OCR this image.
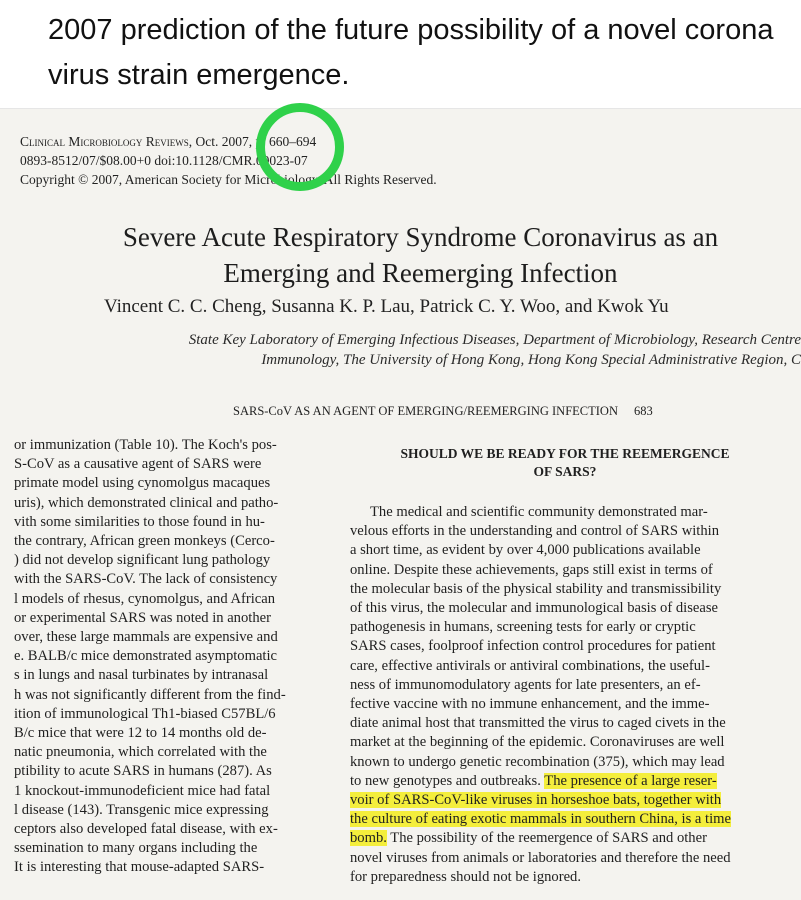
2007 prediction of the future possibility of a novel corona virus strain emergence.
Clinical Microbiology Reviews, Oct. 2007, p. 660–694
0893-8512/07/$08.00+0 doi:10.1128/CMR.00023-07
Copyright © 2007, American Society for Microbiology. All Rights Reserved.
Severe Acute Respiratory Syndrome Coronavirus as an
Emerging and Reemerging Infection
Vincent C. C. Cheng, Susanna K. P. Lau, Patrick C. Y. Woo, and Kwok Yu
State Key Laboratory of Emerging Infectious Diseases, Department of Microbiology, Research Centre
Immunology, The University of Hong Kong, Hong Kong Special Administrative Region, C
SARS-CoV AS AN AGENT OF EMERGING/REEMERGING INFECTION 683
or immunization (Table 10). The Koch's pos-
S-CoV as a causative agent of SARS were
primate model using cynomolgus macaques
uris), which demonstrated clinical and patho-
vith some similarities to those found in hu-
the contrary, African green monkeys (Cerco-
) did not develop significant lung pathology
with the SARS-CoV. The lack of consistency
l models of rhesus, cynomolgus, and African
or experimental SARS was noted in another
over, these large mammals are expensive and
e. BALB/c mice demonstrated asymptomatic
s in lungs and nasal turbinates by intranasal
h was not significantly different from the find-
ition of immunological Th1-biased C57BL/6
B/c mice that were 12 to 14 months old de-
natic pneumonia, which correlated with the
ptibility to acute SARS in humans (287). As
1 knockout-immunodeficient mice had fatal
l disease (143). Transgenic mice expressing
ceptors also developed fatal disease, with ex-
ssemination to many organs including the
It is interesting that mouse-adapted SARS-
SHOULD WE BE READY FOR THE REEMERGENCE
OF SARS?
The medical and scientific community demonstrated mar-
velous efforts in the understanding and control of SARS within
a short time, as evident by over 4,000 publications available
online. Despite these achievements, gaps still exist in terms of
the molecular basis of the physical stability and transmissibility
of this virus, the molecular and immunological basis of disease
pathogenesis in humans, screening tests for early or cryptic
SARS cases, foolproof infection control procedures for patient
care, effective antivirals or antiviral combinations, the useful-
ness of immunomodulatory agents for late presenters, an ef-
fective vaccine with no immune enhancement, and the imme-
diate animal host that transmitted the virus to caged civets in the
market at the beginning of the epidemic. Coronaviruses are well
known to undergo genetic recombination (375), which may lead
to new genotypes and outbreaks. The presence of a large reser-
voir of SARS-CoV-like viruses in horseshoe bats, together with
the culture of eating exotic mammals in southern China, is a time
bomb. The possibility of the reemergence of SARS and other
novel viruses from animals or laboratories and therefore the need
for preparedness should not be ignored.
